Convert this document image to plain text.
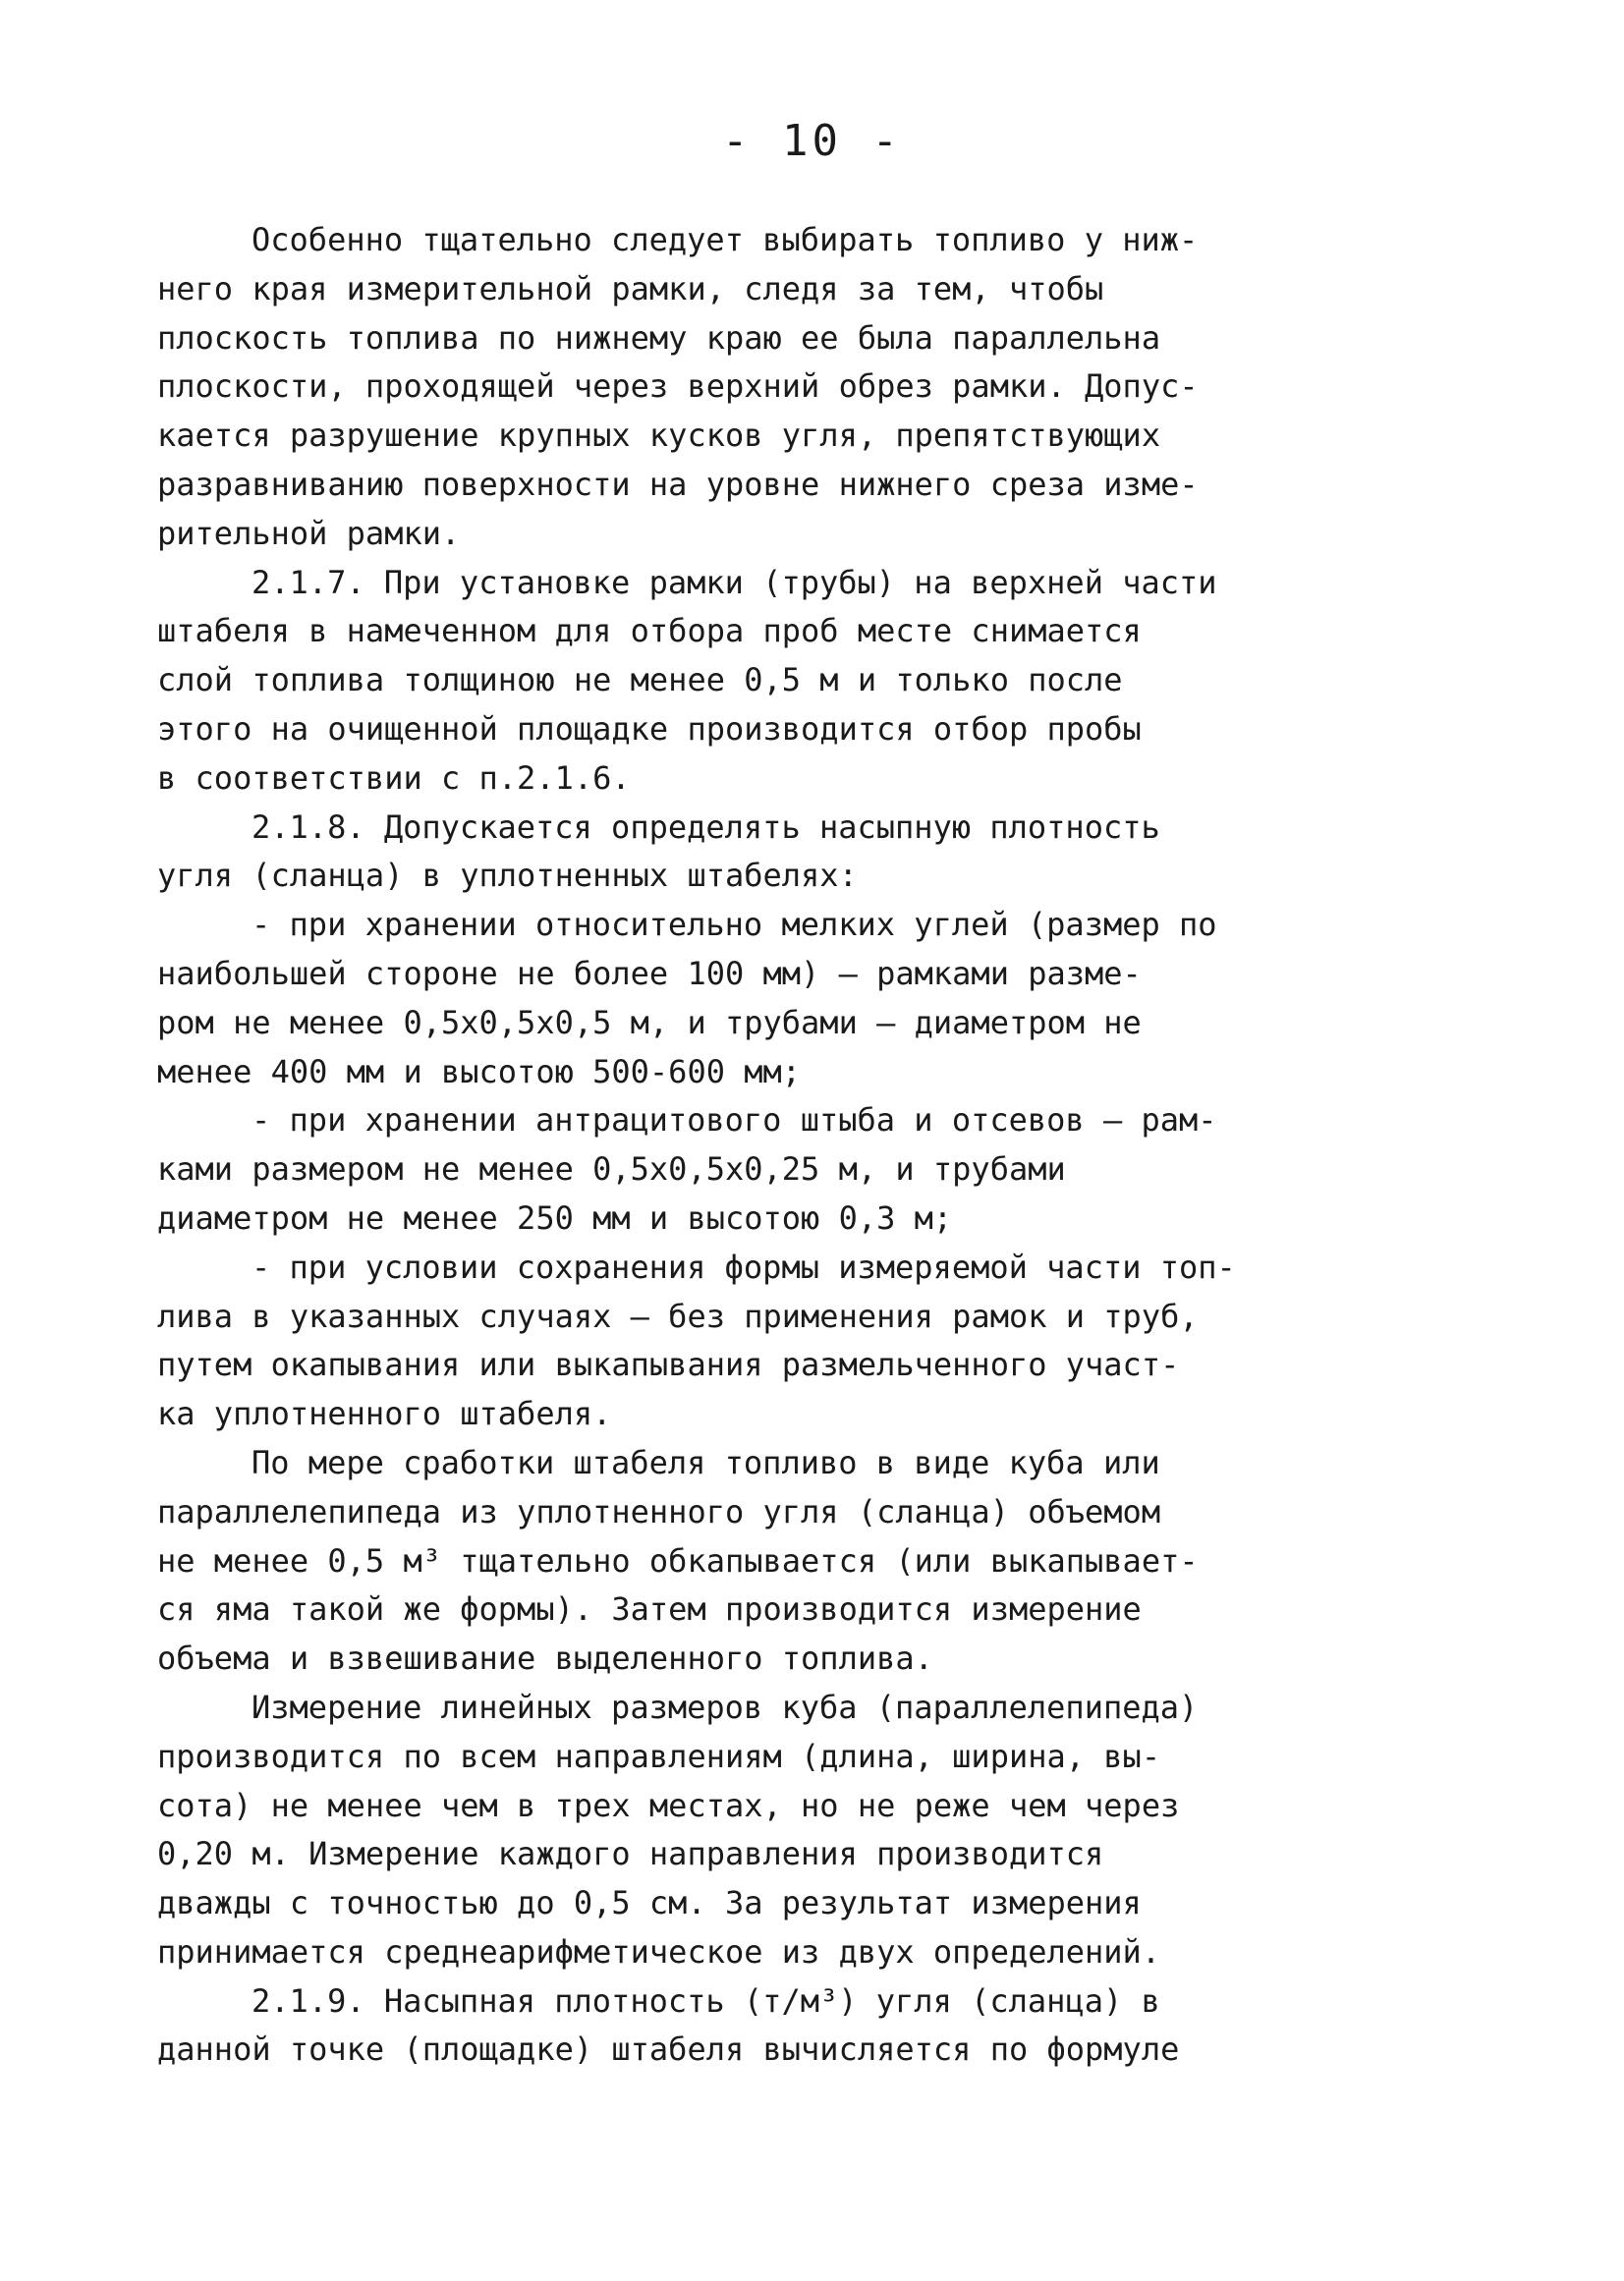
- 10 -
Особенно тщательно следует выбирать топливо у ниж-
него края измерительной рамки, следя за тем, чтобы
плоскость топлива по нижнему краю ее была параллельна
плоскости, проходящей через верхний обрез рамки. Допус-
кается разрушение крупных кусков угля, препятствующих
разравниванию поверхности на уровне нижнего среза изме-
рительной рамки.
2.1.7. При установке рамки (трубы) на верхней части
штабеля в намеченном для отбора проб месте снимается
слой топлива толщиною не менее 0,5 м и только после
этого на очищенной площадке производится отбор пробы
в соответствии с п.2.1.6.
2.1.8. Допускается определять насыпную плотность
угля (сланца) в уплотненных штабелях:
- при хранении относительно мелких углей (размер по
наибольшей стороне не более 100 мм) — рамками разме-
ром не менее 0,5х0,5х0,5 м, и трубами — диаметром не
менее 400 мм и высотою 500-600 мм;
- при хранении антрацитового штыба и отсевов — рам-
ками размером не менее 0,5х0,5х0,25 м, и трубами
диаметром не менее 250 мм и высотою 0,3 м;
- при условии сохранения формы измеряемой части топ-
лива в указанных случаях — без применения рамок и труб,
путем окапывания или выкапывания размельченного участ-
ка уплотненного штабеля.
По мере сработки штабеля топливо в виде куба или
параллелепипеда из уплотненного угля (сланца) объемом
не менее 0,5 м³ тщательно обкапывается (или выкапывает-
ся яма такой же формы). Затем производится измерение
объема и взвешивание выделенного топлива.
Измерение линейных размеров куба (параллелепипеда)
производится по всем направлениям (длина, ширина, вы-
сота) не менее чем в трех местах, но не реже чем через
0,20 м. Измерение каждого направления производится
дважды с точностью до 0,5 см. За результат измерения
принимается среднеарифметическое из двух определений.
2.1.9. Насыпная плотность (т/м³) угля (сланца) в
данной точке (площадке) штабеля вычисляется по формуле
